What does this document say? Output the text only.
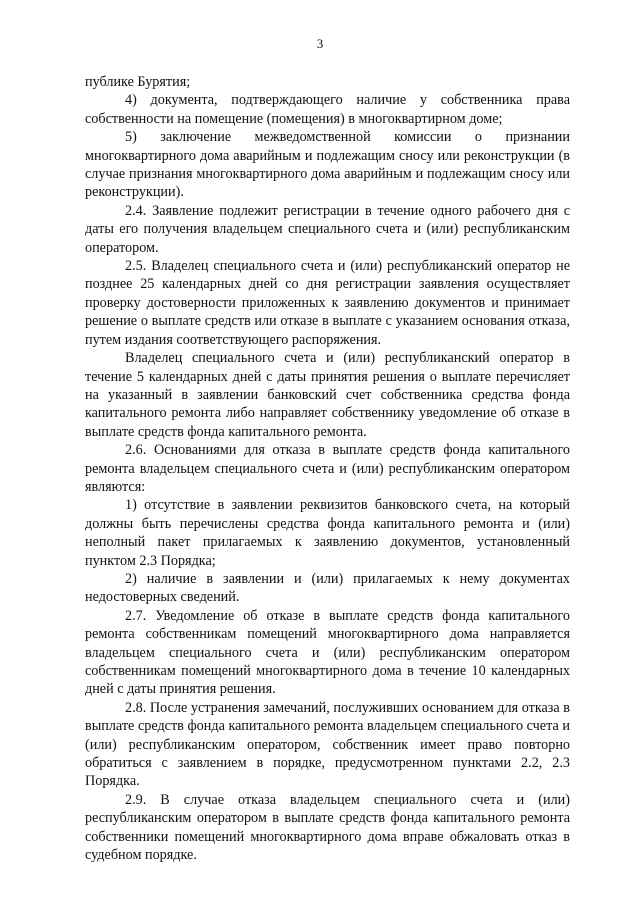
3

публике Бурятия;

4) документа, подтверждающего наличие у собственника права собственности на помещение (помещения) в многоквартирном доме;

5) заключение межведомственной комиссии о признании многоквартирного дома аварийным и подлежащим сносу или реконструкции (в случае признания многоквартирного дома аварийным и подлежащим сносу или реконструкции).

2.4. Заявление подлежит регистрации в течение одного рабочего дня с даты его получения владельцем специального счета и (или) республиканским оператором.

2.5. Владелец специального счета и (или) республиканский оператор не позднее 25 календарных дней со дня регистрации заявления осуществляет проверку достоверности приложенных к заявлению документов и принимает решение о выплате средств или отказе в выплате с указанием основания отказа, путем издания соответствующего распоряжения.

Владелец специального счета и (или) республиканский оператор в течение 5 календарных дней с даты принятия решения о выплате перечисляет на указанный в заявлении банковский счет собственника средства фонда капитального ремонта либо направляет собственнику уведомление об отказе в выплате средств фонда капитального ремонта.

2.6. Основаниями для отказа в выплате средств фонда капитального ремонта владельцем специального счета и (или) республиканским оператором являются:

1) отсутствие в заявлении реквизитов банковского счета, на который должны быть перечислены средства фонда капитального ремонта и (или) неполный пакет прилагаемых к заявлению документов, установленный пунктом 2.3 Порядка;

2) наличие в заявлении и (или) прилагаемых к нему документах недостоверных сведений.

2.7. Уведомление об отказе в выплате средств фонда капитального ремонта собственникам помещений многоквартирного дома направляется владельцем специального счета и (или) республиканским оператором собственникам помещений многоквартирного дома в течение 10 календарных дней с даты принятия решения.

2.8. После устранения замечаний, послуживших основанием для отказа в выплате средств фонда капитального ремонта владельцем специального счета и (или) республиканским оператором, собственник имеет право повторно обратиться с заявлением в порядке, предусмотренном пунктами 2.2, 2.3 Порядка.

2.9. В случае отказа владельцем специального счета и (или) республиканским оператором в выплате средств фонда капитального ремонта собственники помещений многоквартирного дома вправе обжаловать отказ в судебном порядке.
